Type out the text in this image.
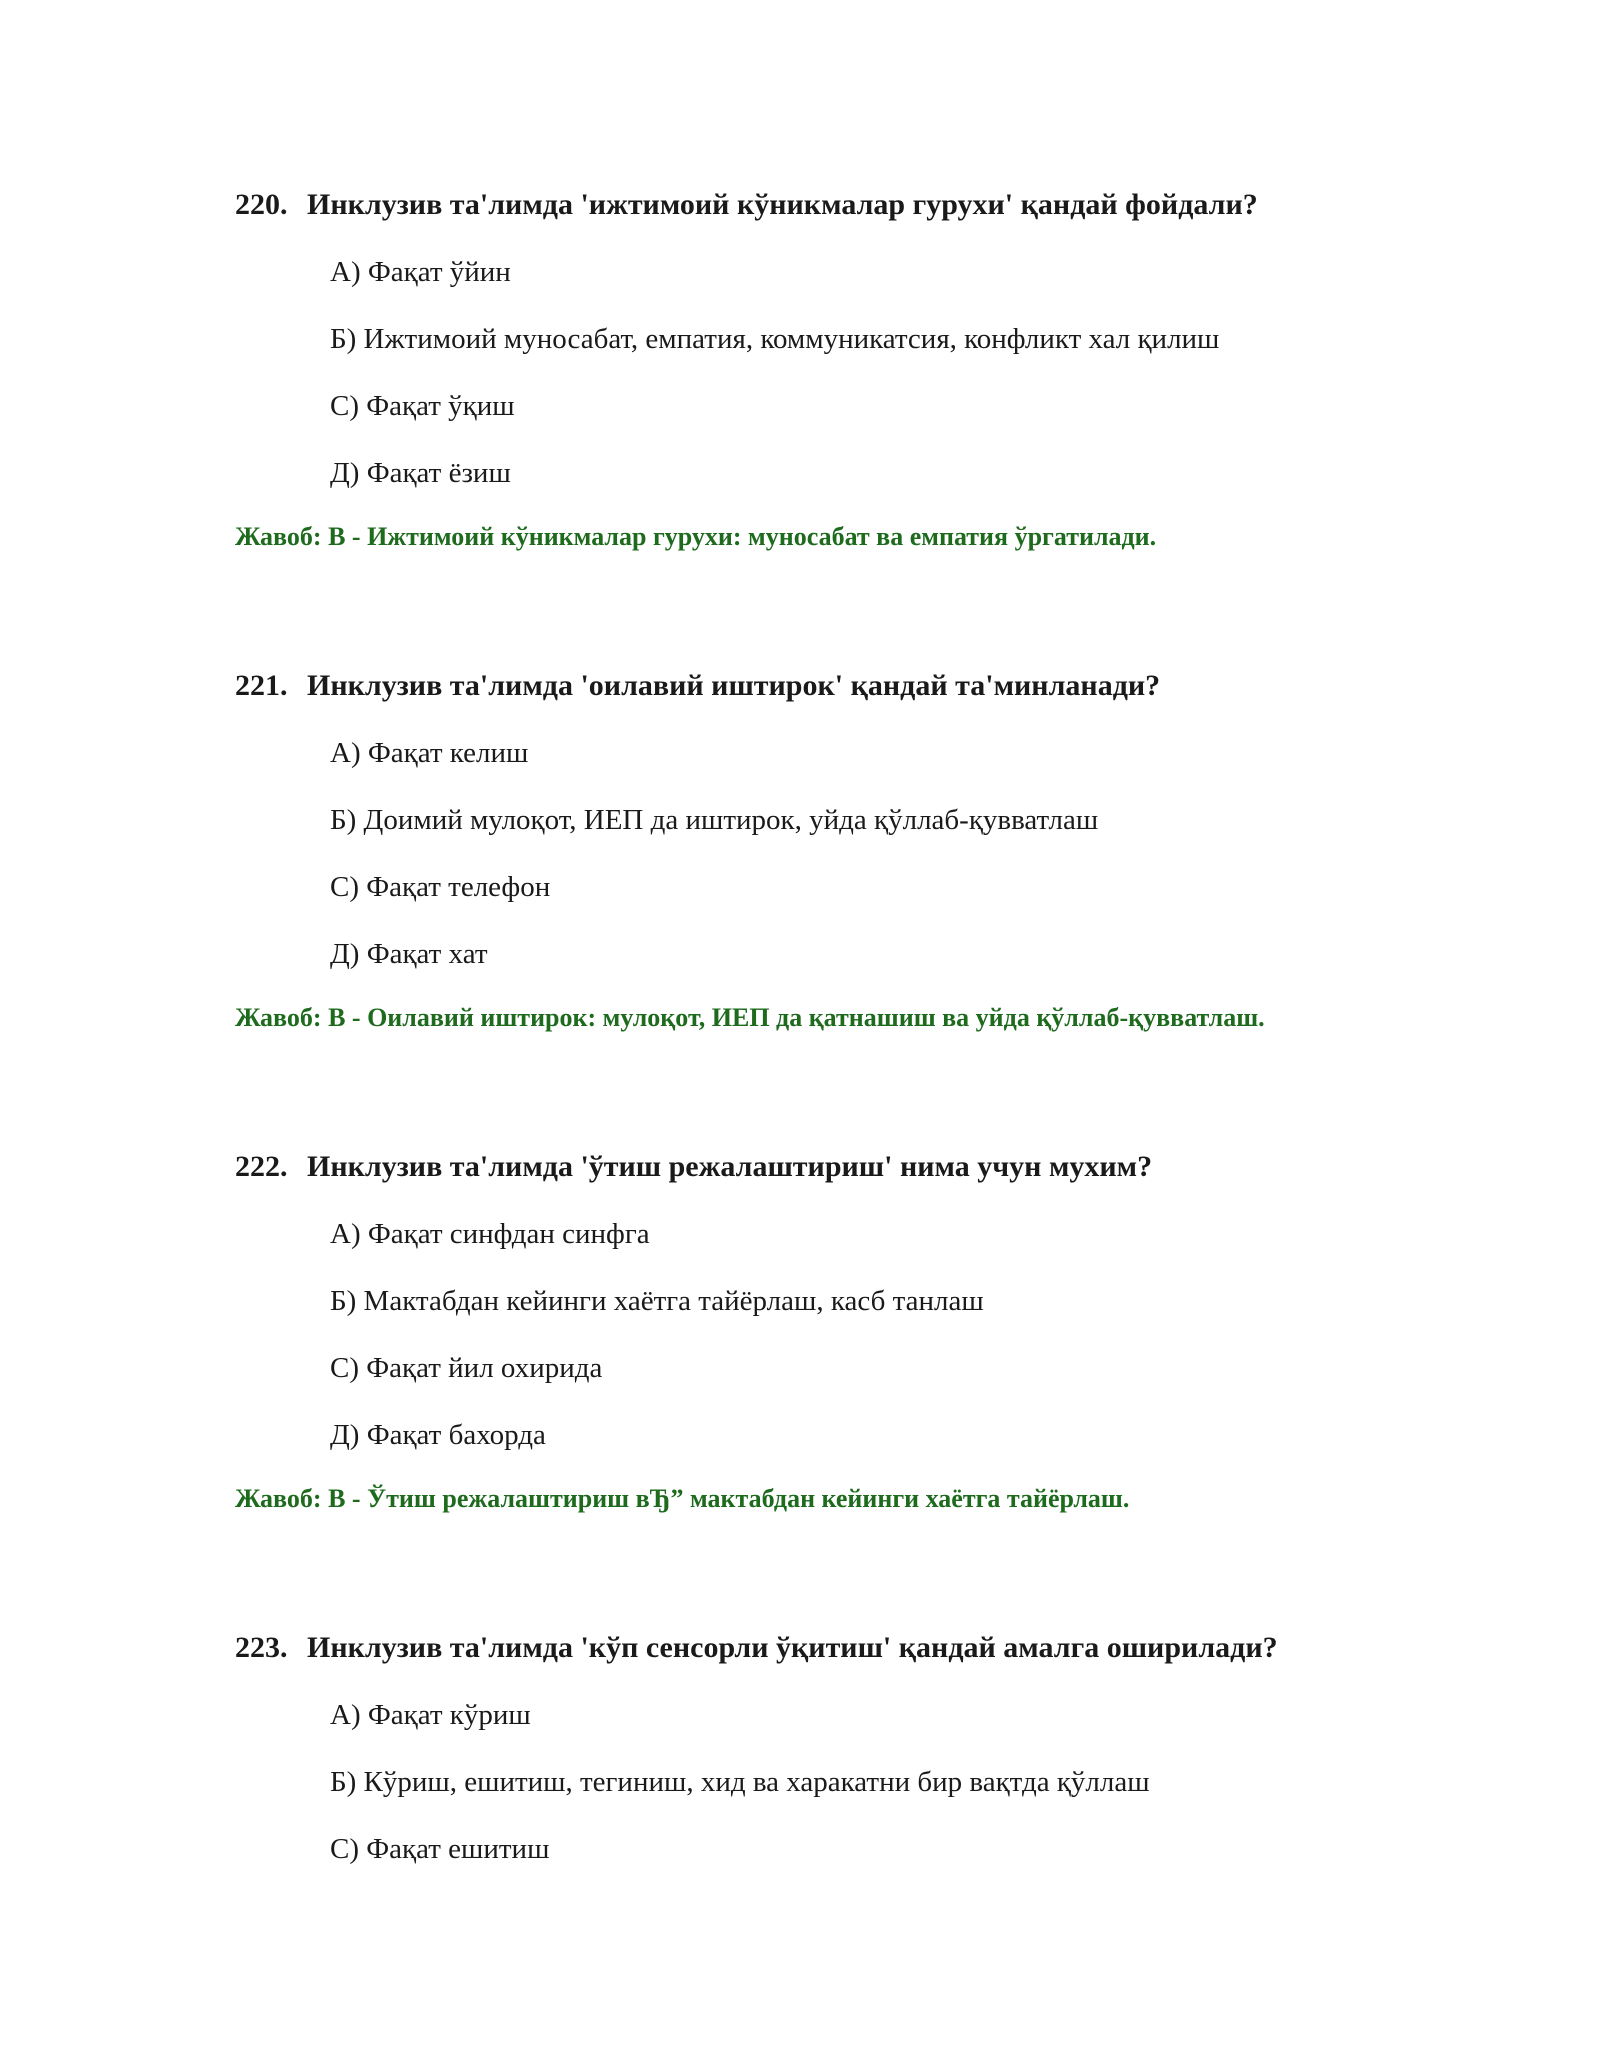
220. Инклузив та'лимда 'ижтимоий кўникмалар гурухи' қандай фойдали?

А) Фақат ўйин
Б) Ижтимоий муносабат, емпатия, коммуникатсия, конфликт хал қилиш
С) Фақат ўқиш
Д) Фақат ёзиш

Жавоб: B - Ижтимоий кўникмалар гурухи: муносабат ва емпатия ўргатилади.

221. Инклузив та'лимда 'оилавий иштирок' қандай та'минланади?

А) Фақат келиш
Б) Доимий мулоқот, ИЕП да иштирок, уйда қўллаб-қувватлаш
С) Фақат телефон
Д) Фақат хат

Жавоб: B - Оилавий иштирок: мулоқот, ИЕП да қатнашиш ва уйда қўллаб-қувватлаш.

222. Инклузив та'лимда 'ўтиш режалаштириш' нима учун мухим?

А) Фақат синфдан синфга
Б) Мактабдан кейинги хаётга тайёрлаш, касб танлаш
С) Фақат йил охирида
Д) Фақат бахорда

Жавоб: B - Ўтиш режалаштириш вЂ” мактабдан кейинги хаётга тайёрлаш.

223. Инклузив та'лимда 'кўп сенсорли ўқитиш' қандай амалга оширилади?

А) Фақат кўриш
Б) Кўриш, ешитиш, тегиниш, хид ва харакатни бир вақтда қўллаш
С) Фақат ешитиш
